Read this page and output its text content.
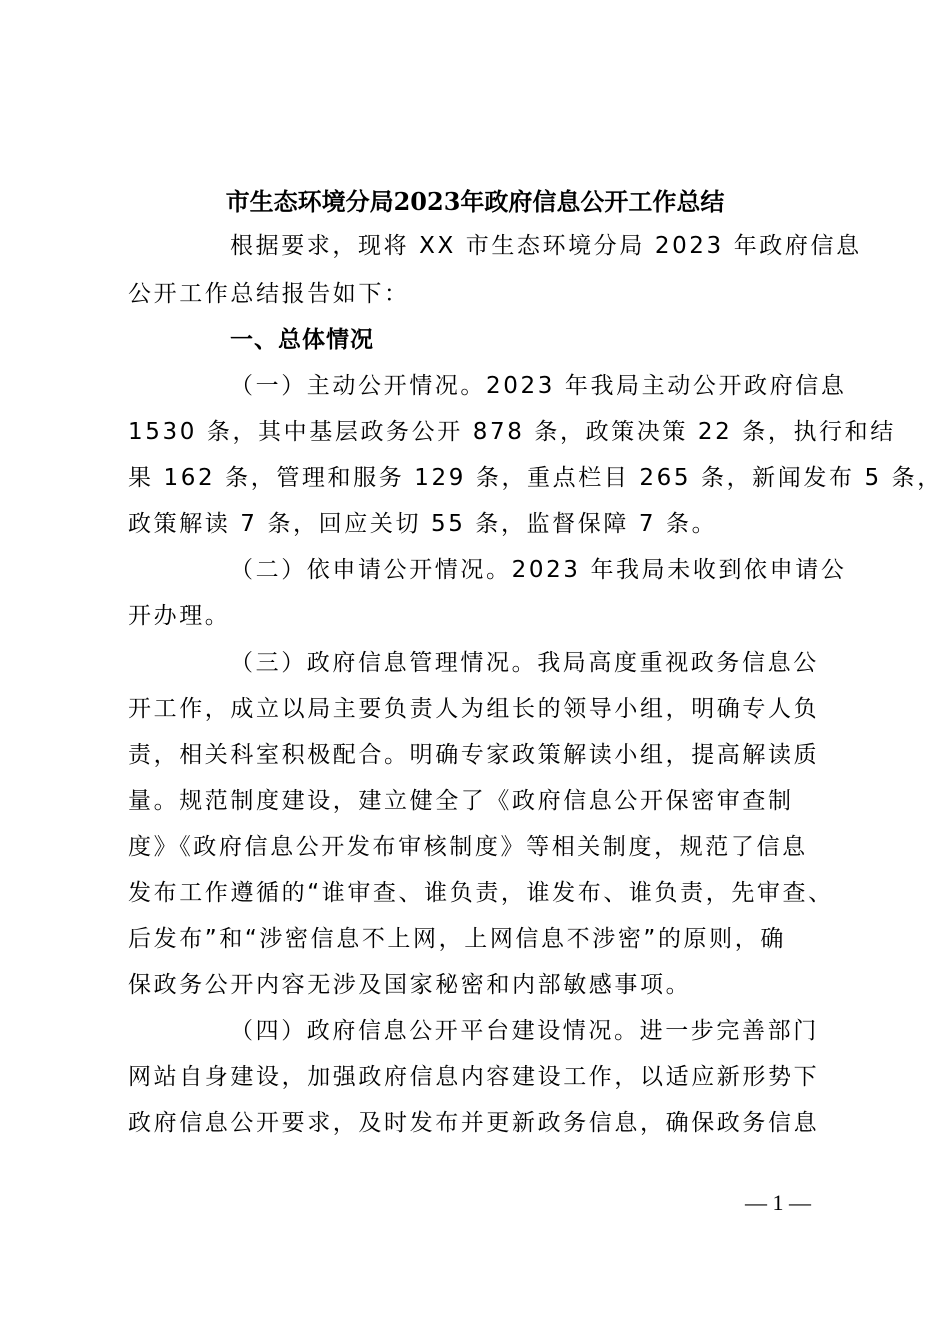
市生态环境分局2023年政府信息公开工作总结
根据要求，现将 XX 市生态环境分局 2023 年政府信息
公开工作总结报告如下：
一、总体情况
（一）主动公开情况。2023 年我局主动公开政府信息
1530 条，其中基层政务公开 878 条，政策决策 22 条，执行和结
果 162 条，管理和服务 129 条，重点栏目 265 条，新闻发布 5 条，
政策解读 7 条，回应关切 55 条，监督保障 7 条。
（二）依申请公开情况。2023 年我局未收到依申请公
开办理。
（三）政府信息管理情况。我局高度重视政务信息公
开工作，成立以局主要负责人为组长的领导小组，明确专人负
责，相关科室积极配合。明确专家政策解读小组，提高解读质
量。规范制度建设，建立健全了《政府信息公开保密审查制
度》《政府信息公开发布审核制度》等相关制度，规范了信息
发布工作遵循的“谁审查、谁负责，谁发布、谁负责，先审查、
后发布”和“涉密信息不上网，上网信息不涉密”的原则，确
保政务公开内容无涉及国家秘密和内部敏感事项。
（四）政府信息公开平台建设情况。进一步完善部门
网站自身建设，加强政府信息内容建设工作，以适应新形势下
政府信息公开要求，及时发布并更新政务信息，确保政务信息
— 1 —
